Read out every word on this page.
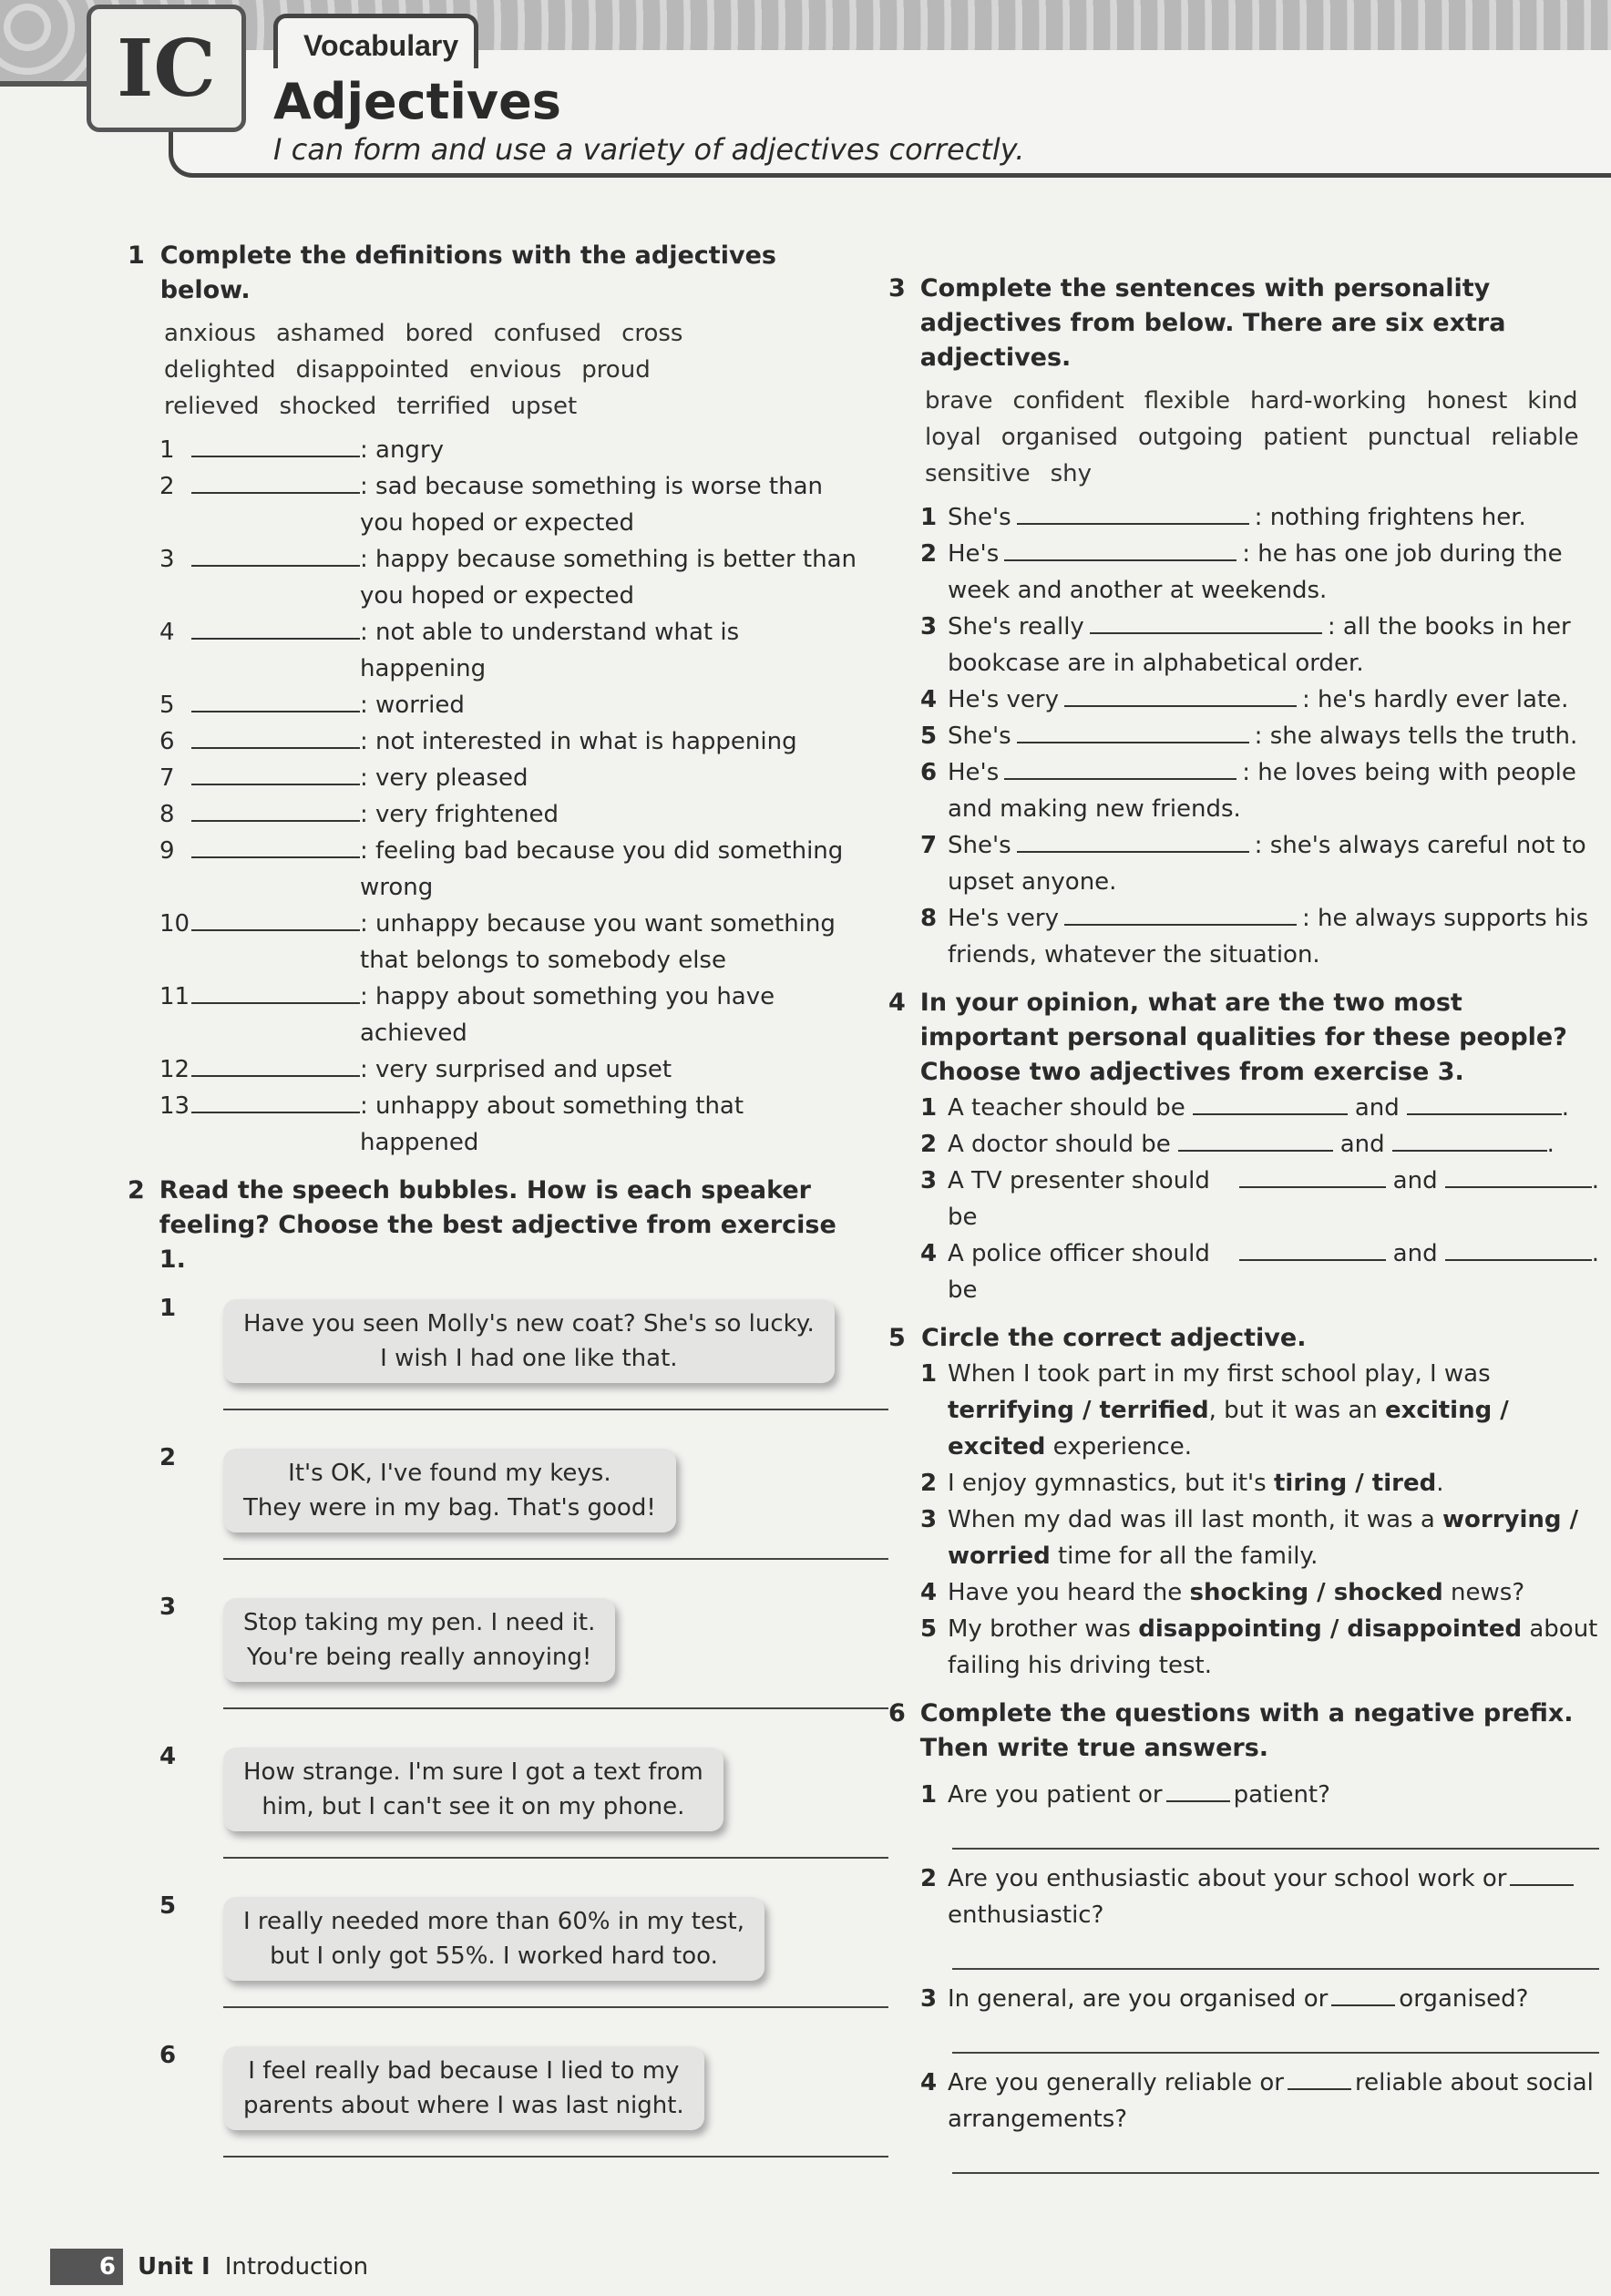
IC	Vocabulary
Adjectives
I can form and use a variety of adjectives correctly.
1 Complete the definitions with the adjectives below.
anxious ashamed bored confused cross
delighted disappointed envious proud
relieved shocked terrified upset
1	: angry
2	: sad because something is worse than you hoped or expected
3	: happy because something is better than you hoped or expected
4	: not able to understand what is happening
5	: worried
6	: not interested in what is happening
7	: very pleased
8	: very frightened
9	: feeling bad because you did something wrong
10	: unhappy because you want something that belongs to somebody else
11	: happy about something you have achieved
12	: very surprised and upset
13	: unhappy about something that happened
2 Read the speech bubbles. How is each speaker feeling? Choose the best adjective from exercise 1.
1
Have you seen Molly's new coat? She's so lucky.
I wish I had one like that.
2
It's OK, I've found my keys.
They were in my bag. That's good!
3
Stop taking my pen. I need it.
You're being really annoying!
4
How strange. I'm sure I got a text from
him, but I can't see it on my phone.
5
I really needed more than 60% in my test,
but I only got 55%. I worked hard too.
6
I feel really bad because I lied to my
parents about where I was last night.
3 Complete the sentences with personality adjectives from below. There are six extra adjectives.
brave confident flexible hard-working honest kind
loyal organised outgoing patient punctual reliable
sensitive shy
1 She's	: nothing frightens her.
2 He's	: he has one job during the week and another at weekends.
3 She's really	: all the books in her bookcase are in alphabetical order.
4 He's very	: he's hardly ever late.
5 She's	: she always tells the truth.
6 He's	: he loves being with people and making new friends.
7 She's	: she's always careful not to upset anyone.
8 He's very	: he always supports his friends, whatever the situation.
4 In your opinion, what are the two most important personal qualities for these people? Choose two adjectives from exercise 3.
1 A teacher should be	and	.
2 A doctor should be	and	.
3 A TV presenter should be
and	.
4 A police officer should be
and	.
5 Circle the correct adjective.
1 When I took part in my first school play, I was terrifying / terrified, but it was an exciting / excited experience.
2 I enjoy gymnastics, but it's tiring / tired.
3 When my dad was ill last month, it was a worrying / worried time for all the family.
4 Have you heard the shocking / shocked news?
5 My brother was disappointing / disappointed about failing his driving test.
6 Complete the questions with a negative prefix. Then write true answers.
1 Are you patient or	patient?
2 Are you enthusiastic about your school work orenthusiastic?
3 In general, are you organised or	organised?
4 Are you generally reliable or	reliable about social arrangements?
6 Unit I Introduction
